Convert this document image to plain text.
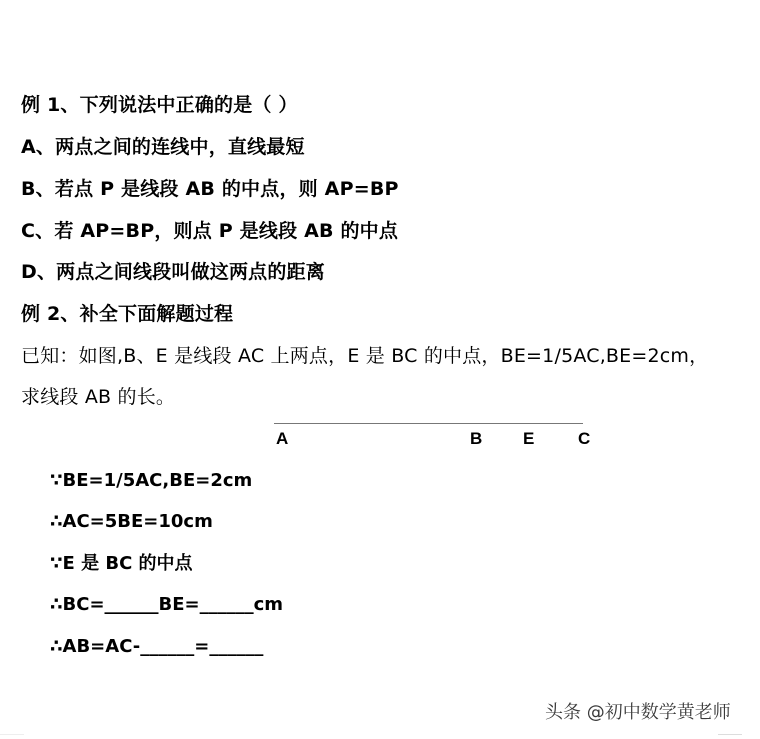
例 1、下列说法中正确的是（ ）
A、两点之间的连线中，直线最短
B、若点 P 是线段 AB 的中点，则 AP=BP
C、若 AP=BP，则点 P 是线段 AB 的中点
D、两点之间线段叫做这两点的距离
例 2、补全下面解题过程
已知：如图,B、E 是线段 AC 上两点，E 是 BC 的中点，BE=1/5AC,BE=2cm，
求线段 AB 的长。
A	B E	C
∵BE=1/5AC,BE=2cm
∴AC=5BE=10cm
∵E 是 BC 的中点
∴BC=______BE=______cm
∴AB=AC-______=______
头条 @初中数学黄老师
